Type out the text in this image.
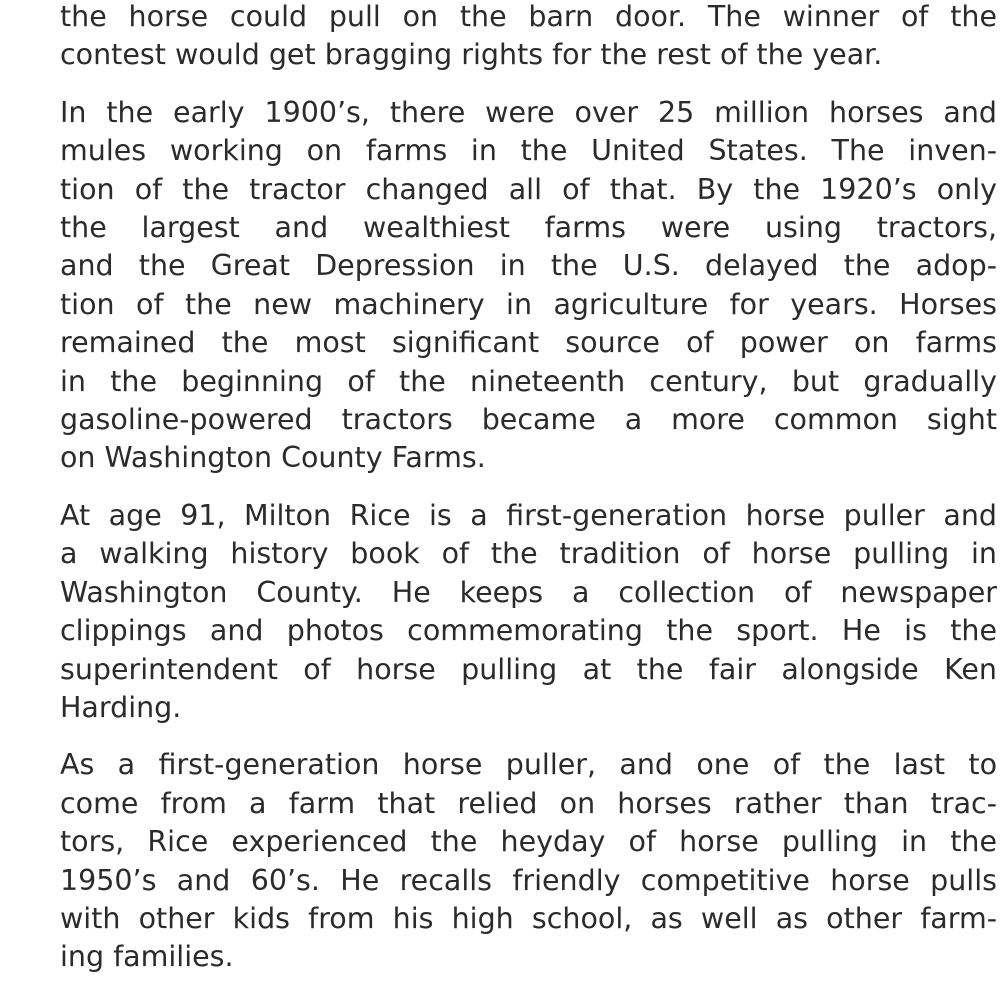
the horse could pull on the barn door. The winner of the
contest would get bragging rights for the rest of the year.

In the early 1900’s, there were over 25 million horses and
mules working on farms in the United States. The inven-
tion of the tractor changed all of that. By the 1920’s only
the largest and wealthiest farms were using tractors,
and the Great Depression in the U.S. delayed the adop-
tion of the new machinery in agriculture for years. Horses
remained the most significant source of power on farms
in the beginning of the nineteenth century, but gradually
gasoline-powered tractors became a more common sight
on Washington County Farms.

At age 91, Milton Rice is a first-generation horse puller and
a walking history book of the tradition of horse pulling in
Washington County. He keeps a collection of newspaper
clippings and photos commemorating the sport. He is the
superintendent of horse pulling at the fair alongside Ken
Harding.

As a first-generation horse puller, and one of the last to
come from a farm that relied on horses rather than trac-
tors, Rice experienced the heyday of horse pulling in the
1950’s and 60’s. He recalls friendly competitive horse pulls
with other kids from his high school, as well as other farm-
ing families.
